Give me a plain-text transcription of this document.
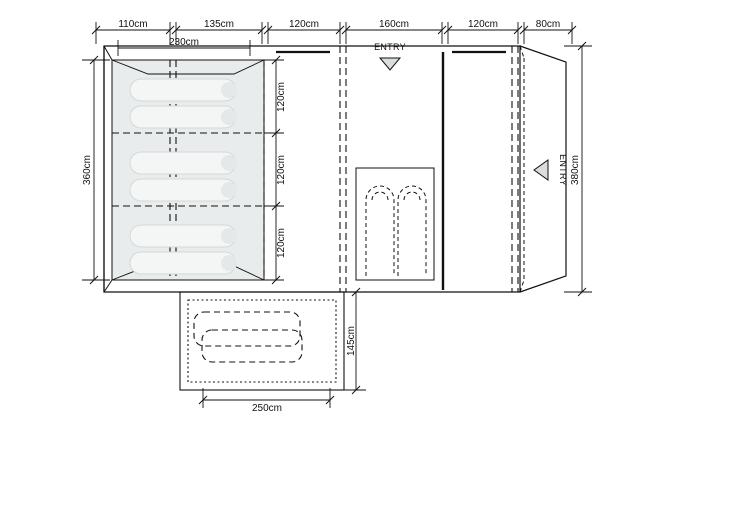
ENTRY
ENTRY
110cm	135cm	120cm	160cm	120cm	80cm
230cm
120cm
120cm
120cm
360cm	380cm
145cm
250cm
